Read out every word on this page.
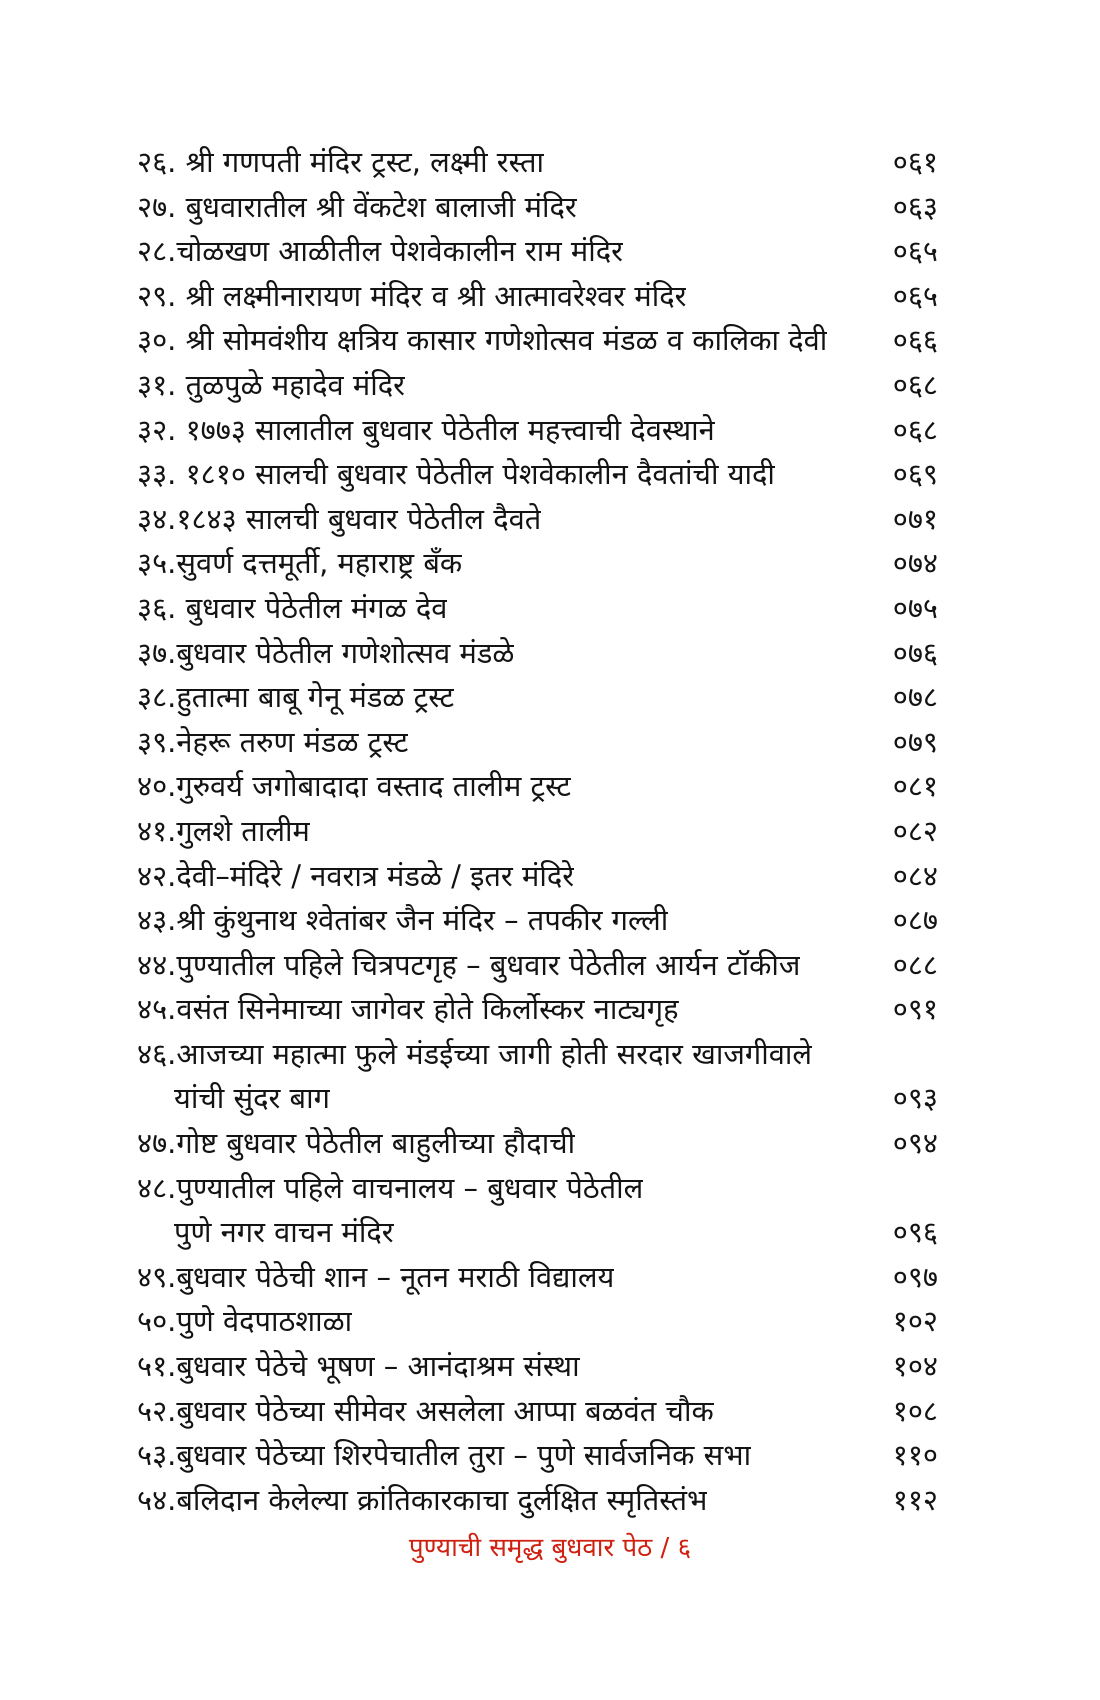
२६. श्री गणपती मंदिर ट्रस्ट, लक्ष्मी रस्ता	०६१
२७. बुधवारातील श्री वेंकटेश बालाजी मंदिर	०६३
२८.चोळखण आळीतील पेशवेकालीन राम मंदिर	०६५
२९. श्री लक्ष्मीनारायण मंदिर व श्री आत्मावरेश्वर मंदिर	०६५
३०. श्री सोमवंशीय क्षत्रिय कासार गणेशोत्सव मंडळ व कालिका देवी ०६६
३१. तुळपुळे महादेव मंदिर	०६८
३२. १७७३ सालातील बुधवार पेठेतील महत्त्वाची देवस्थाने	०६८
३३. १८१० सालची बुधवार पेठेतील पेशवेकालीन दैवतांची यादी	०६९
३४.१८४३ सालची बुधवार पेठेतील दैवते	०७१
३५.सुवर्ण दत्तमूर्ती, महाराष्ट्र बँक	०७४
३६. बुधवार पेठेतील मंगळ देव	०७५
३७.बुधवार पेठेतील गणेशोत्सव मंडळे	०७६
३८.हुतात्मा बाबू गेनू मंडळ ट्रस्ट	०७८
३९.नेहरू तरुण मंडळ ट्रस्ट	०७९
४०.गुरुवर्य जगोबादादा वस्ताद तालीम ट्रस्ट	०८१
४१.गुलशे तालीम	०८२
४२.देवी–मंदिरे / नवरात्र मंडळे / इतर मंदिरे	०८४
४३.श्री कुंथुनाथ श्वेतांबर जैन मंदिर – तपकीर गल्ली	०८७
४४.पुण्यातील पहिले चित्रपटगृह – बुधवार पेठेतील आर्यन टॉकीज	०८८
४५.वसंत सिनेमाच्या जागेवर होते किर्लोस्कर नाट्यगृह	०९१
४६.आजच्या महात्मा फुले मंडईच्या जागी होती सरदार खाजगीवाले
यांची सुंदर बाग	०९३
४७.गोष्ट बुधवार पेठेतील बाहुलीच्या हौदाची	०९४
४८.पुण्यातील पहिले वाचनालय – बुधवार पेठेतील
पुणे नगर वाचन मंदिर	०९६
४९.बुधवार पेठेची शान – नूतन मराठी विद्यालय	०९७
५०.पुणे वेदपाठशाळा	१०२
५१.बुधवार पेठेचे भूषण – आनंदाश्रम संस्था	१०४
५२.बुधवार पेठेच्या सीमेवर असलेला आप्पा बळवंत चौक	१०८
५३.बुधवार पेठेच्या शिरपेचातील तुरा – पुणे सार्वजनिक सभा	११०
५४.बलिदान केलेल्या क्रांतिकारकाचा दुर्लक्षित स्मृतिस्तंभ	११२
पुण्याची समृद्ध बुधवार पेठ / ६
